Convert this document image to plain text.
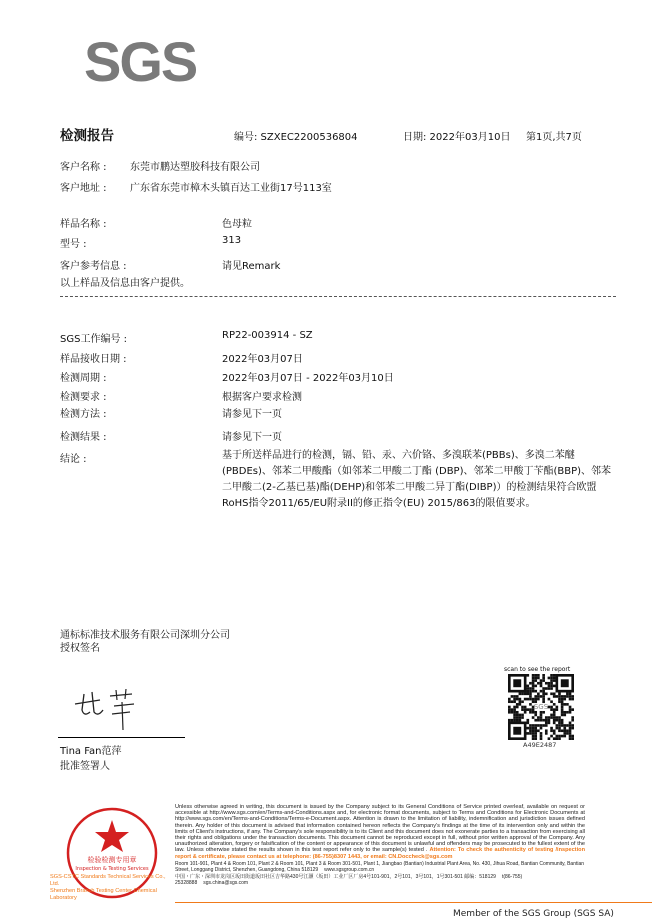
SGS
检测报告	编号: SZXEC2200536804	日期: 2022年03月10日 第1页,共7页
客户名称 : 东莞市鹏达塑胶科技有限公司
客户地址 : 广东省东莞市樟木头镇百达工业街17号113室
样品名称 :	色母粒
型号 :	313
客户参考信息 :	请见Remark
以上样品及信息由客户提供。
SGS工作编号 :	RP22-003914 - SZ
样品接收日期 :	2022年03月07日
检测周期 :	2022年03月07日 - 2022年03月10日
检测要求 :	根据客户要求检测
检测方法 :	请参见下一页
检测结果 :	请参见下一页
结论 :	基于所送样品进行的检测，镉、铅、汞、六价铬、多溴联苯(PBBs)、多溴二苯醚(PBDEs)、邻苯二甲酸酯（如邻苯二甲酸二丁酯 (DBP)、邻苯二甲酸丁苄酯(BBP)、邻苯二甲酸二(2-乙基已基)酯(DEHP)和邻苯二甲酸二异丁酯(DIBP)）的检测结果符合欧盟RoHS指令2011/65/EU附录II的修正指令(EU) 2015/863的限值要求。
通标标准技术服务有限公司深圳分公司
授权签名
Tina Fan范萍
批准签署人
scan to see the report
SGS
A49E2487
检验检测专用章
Inspection & Testing Services
SGS-CSTC Standards Technical Services Co., Ltd.
Shenzhen Branch Testing Center Chemical Laboratory
Unless otherwise agreed in writing, this document is issued by the Company subject to its General Conditions of Service printed overleaf, available on request or accessible at http://www.sgs.com/en/Terms-and-Conditions.aspx and, for electronic format documents, subject to Terms and Conditions for Electronic Documents at http://www.sgs.com/en/Terms-and-Conditions/Terms-e-Document.aspx. Attention is drawn to the limitation of liability, indemnification and jurisdiction issues defined therein. Any holder of this document is advised that information contained hereon reflects the Company's findings at the time of its intervention only and within the limits of Client's instructions, if any. The Company's sole responsibility is to its Client and this document does not exonerate parties to a transaction from exercising all their rights and obligations under the transaction documents. This document cannot be reproduced except in full, without prior written approval of the Company. Any unauthorized alteration, forgery or falsification of the content or appearance of this document is unlawful and offenders may be prosecuted to the fullest extent of the law. Unless otherwise stated the results shown in this test report refer only to the sample(s) tested . Attention: To check the authenticity of testing /inspection report & certificate, please contact us at telephone: (86-755)8307 1443, or email: CN.Doccheck@sgs.com
Room 101-901, Plant 4 & Room 101, Plant 2 & Room 101, Plant 3 & Room 301-501, Plant 1, Jiangbao (Bantian) Industrial Plant Area, No. 430, Jihua Road, Bantian Community, Bantian Street, Longgang District, Shenzhen, Guangdong, China 518129 www.sgsgroup.com.cn
中国・广东・深圳市龙岗区坂田街道坂田社区吉华路430号江灏（坂田）工业厂区厂房4号101-901，2号101，3号101，1号301-501 邮编：518129 t(86-755) 25328888 sgs.china@sgs.com
Member of the SGS Group (SGS SA)
